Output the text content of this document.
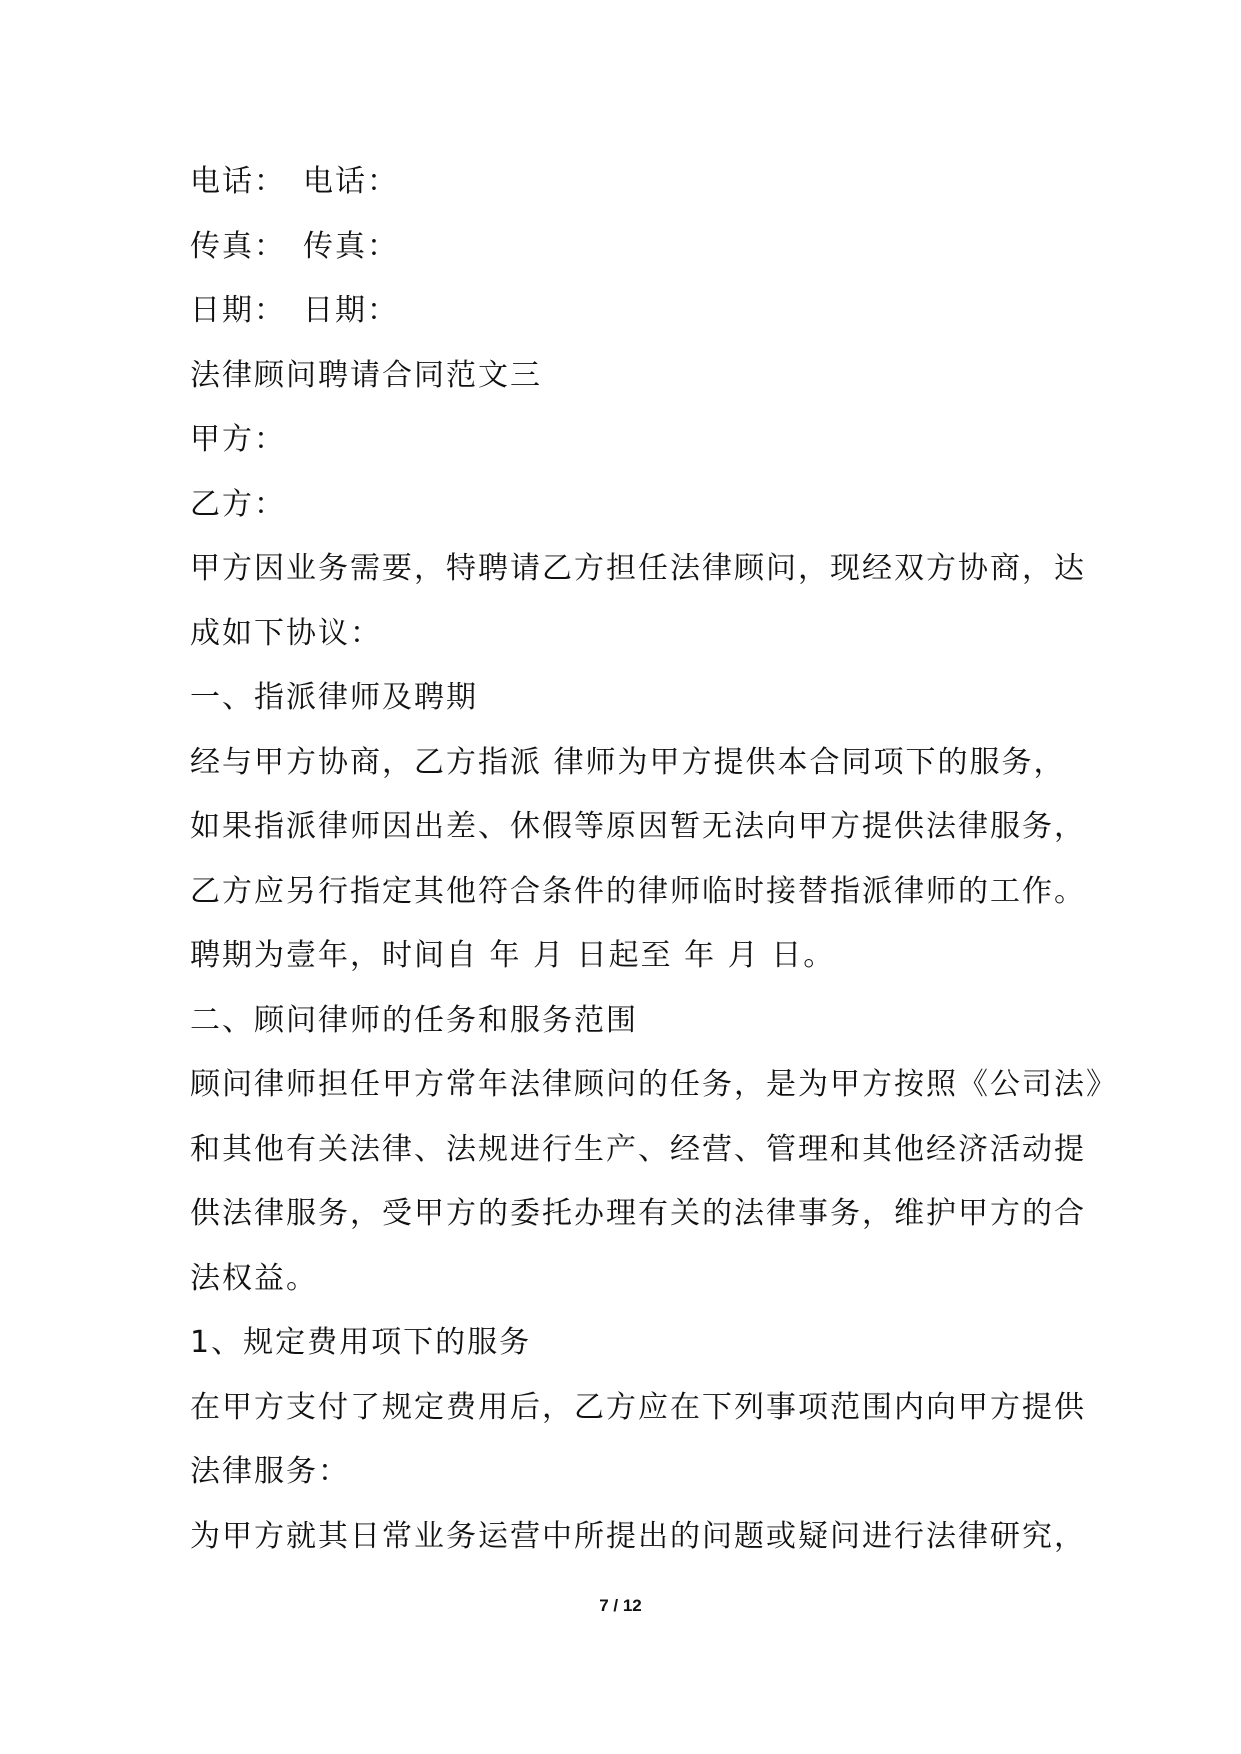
电话：　电话：
传真：　传真：
日期：　日期：
法律顾问聘请合同范文三
甲方：
乙方：
甲方因业务需要，特聘请乙方担任法律顾问，现经双方协商，达
成如下协议：
一、指派律师及聘期
经与甲方协商，乙方指派 律师为甲方提供本合同项下的服务，
如果指派律师因出差、休假等原因暂无法向甲方提供法律服务，
乙方应另行指定其他符合条件的律师临时接替指派律师的工作。
聘期为壹年，时间自 年 月 日起至 年 月 日。
二、顾问律师的任务和服务范围
顾问律师担任甲方常年法律顾问的任务，是为甲方按照《公司法》
和其他有关法律、法规进行生产、经营、管理和其他经济活动提
供法律服务，受甲方的委托办理有关的法律事务，维护甲方的合
法权益。
1、规定费用项下的服务
在甲方支付了规定费用后，乙方应在下列事项范围内向甲方提供
法律服务：
为甲方就其日常业务运营中所提出的问题或疑问进行法律研究，
7 / 12
